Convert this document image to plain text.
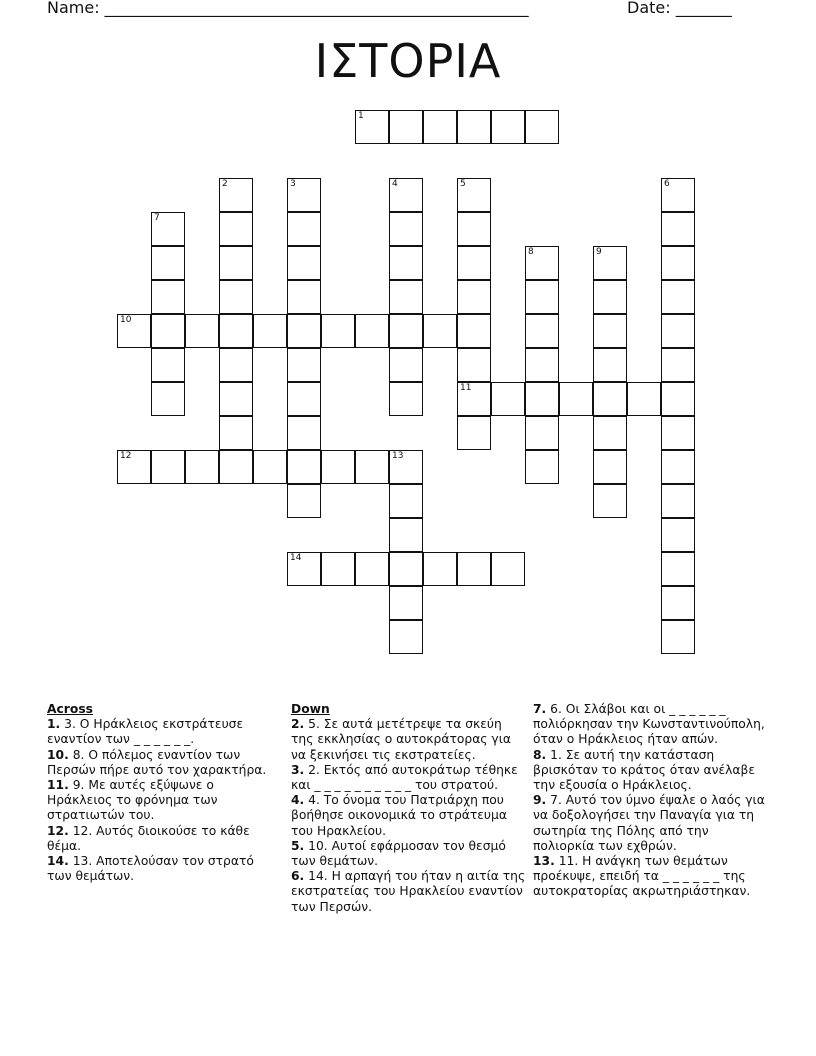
Name: _____________________________________________________	Date: _______
ΙΣΤΟΡΙΑ
1
2	3	4	5
11
6
7
8	9
10
12	13
14
Across
1. 3. Ο Ηράκλειος εκστράτευσε εναντίον των _ _ _ _ _ _.
10. 8. Ο πόλεμος εναντίον των Περσών πήρε αυτό τον χαρακτήρα.
11. 9. Με αυτές εξύψωνε ο Ηράκλειος το φρόνημα των στρατιωτών του.
12. 12. Αυτός διοικούσε το κάθε θέμα.
14. 13. Αποτελούσαν τον στρατό των θεμάτων.
Down
2. 5. Σε αυτά μετέτρεψε τα σκεύη της εκκλησίας ο αυτοκράτορας για να ξεκινήσει τις εκστρατείες.
3. 2. Εκτός από αυτοκράτωρ τέθηκε και _ _ _ _ _ _ _ _ _ _ του στρατού.
4. 4. Το όνομα του Πατριάρχη που βοήθησε οικονομικά το στράτευμα του Ηρακλείου.
5. 10. Αυτοί εφάρμοσαν τον θεσμό των θεμάτων.
6. 14. Η αρπαγή του ήταν η αιτία της εκστρατείας του Ηρακλείου εναντίον των Περσών.
7. 6. Οι Σλάβοι και οι _ _ _ _ _ _ πολιόρκησαν την Κωνσταντινούπολη, όταν ο Ηράκλειος ήταν απών.
8. 1. Σε αυτή την κατάσταση βρισκόταν το κράτος όταν ανέλαβε την εξουσία ο Ηράκλειος.
9. 7. Αυτό τον ύμνο έψαλε ο λαός για να δοξολογήσει την Παναγία για τη σωτηρία της Πόλης από την πολιορκία των εχθρών.
13. 11. Η ανάγκη των θεμάτων προέκυψε, επειδή τα _ _ _ _ _ _ της αυτοκρατορίας ακρωτηριάστηκαν.
